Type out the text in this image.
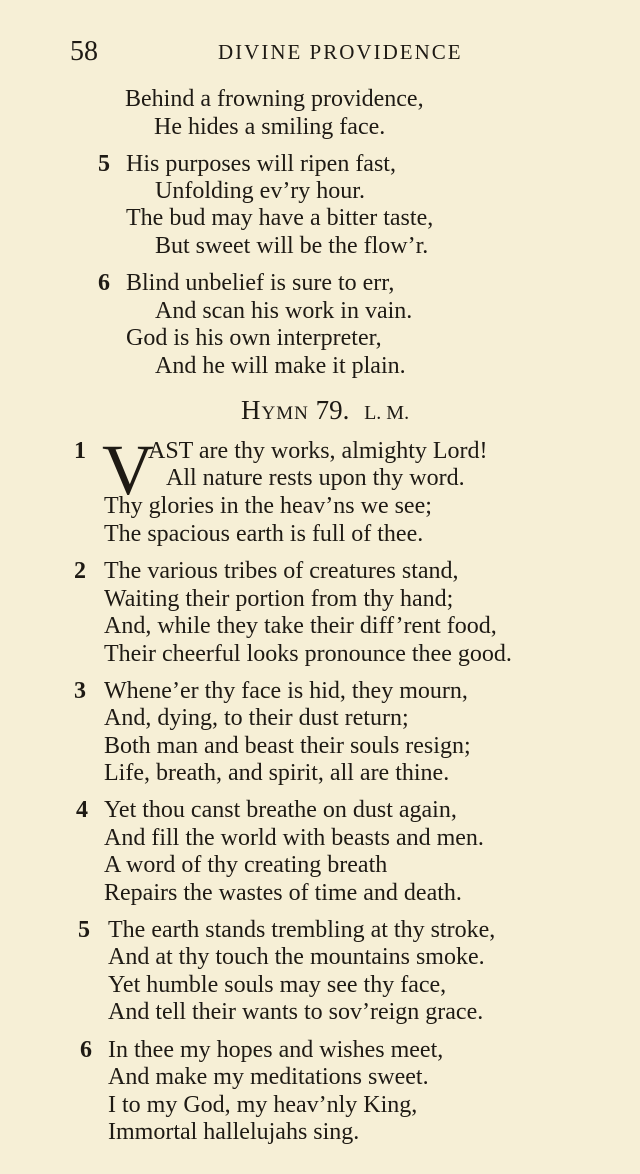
58	DIVINE PROVIDENCE
Behind a frowning providence,
He hides a smiling face.
5 His purposes will ripen fast,
Unfolding ev’ry hour.
The bud may have a bitter taste,
But sweet will be the flow’r.
6 Blind unbelief is sure to err,
And scan his work in vain.
God is his own interpreter,
And he will make it plain.
Hymn 79. L. M.
1 V
AST are thy works, almighty Lord!
All nature rests upon thy word.
Thy glories in the heav’ns we see;
The spacious earth is full of thee.
2 The various tribes of creatures stand,
Waiting their portion from thy hand;
And, while they take their diff’rent food,
Their cheerful looks pronounce thee good.
3 Whene’er thy face is hid, they mourn,
And, dying, to their dust return;
Both man and beast their souls resign;
Life, breath, and spirit, all are thine.
4 Yet thou canst breathe on dust again,
And fill the world with beasts and men.
A word of thy creating breath
Repairs the wastes of time and death.
5 The earth stands trembling at thy stroke,
And at thy touch the mountains smoke.
Yet humble souls may see thy face,
And tell their wants to sov’reign grace.
6 In thee my hopes and wishes meet,
And make my meditations sweet.
I to my God, my heav’nly King,
Immortal hallelujahs sing.
